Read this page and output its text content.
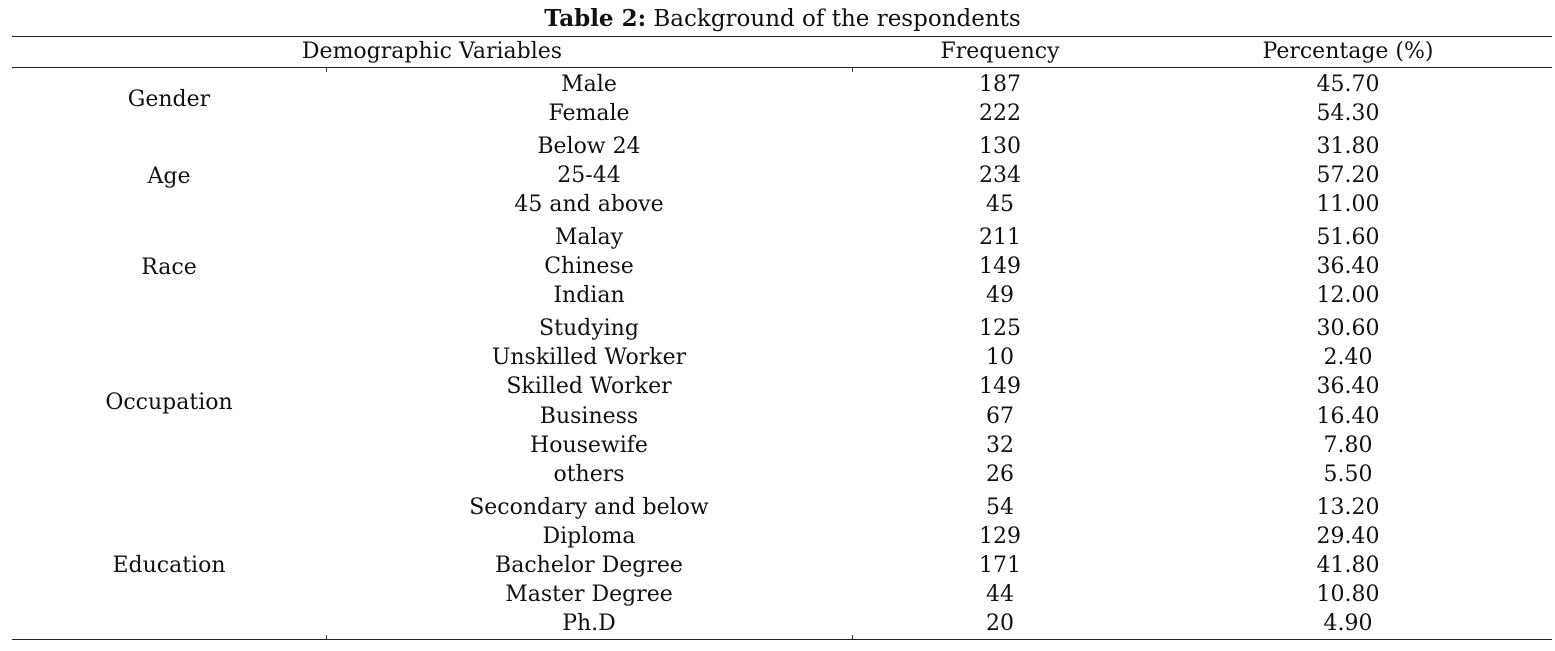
Table 2: Background of the respondents
Demographic Variables	Frequency	Percentage (%)
Gender
Male	187	45.70
Female	222	54.30
Age
Below 24	130	31.80
25-44	234	57.20
45 and above	45	11.00
Race
Malay	211	51.60
Chinese	149	36.40
Indian	49	12.00
Occupation
Studying	125	30.60
Unskilled Worker	10	2.40
Skilled Worker	149	36.40
Business	67	16.40
Housewife	32	7.80
others	26	5.50
Education
Secondary and below	54	13.20
Diploma	129	29.40
Bachelor Degree	171	41.80
Master Degree	44	10.80
Ph.D	20	4.90
